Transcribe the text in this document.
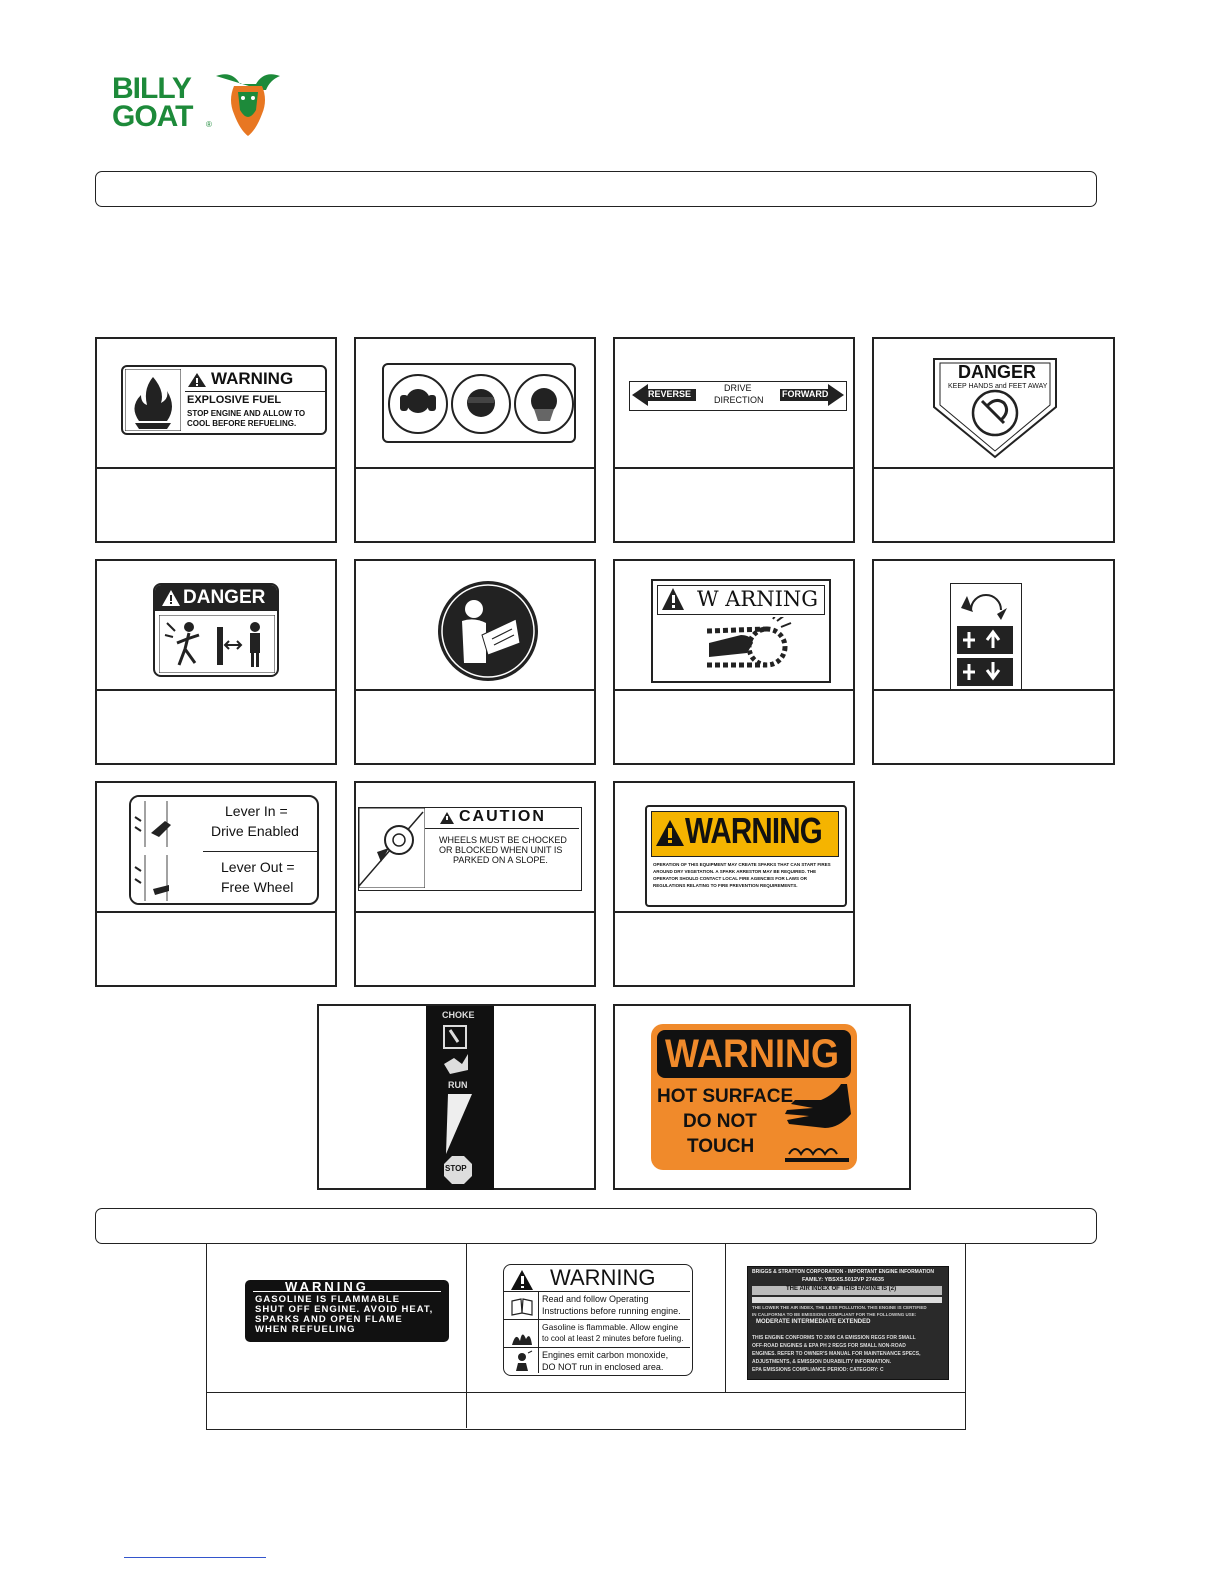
BILLY
GOAT ®
WARNING
EXPLOSIVE FUEL
STOP ENGINE AND ALLOW TO
COOL BEFORE REFUELING.
REVERSE
DRIVE
DIRECTION
FORWARD
DANGER
KEEP HANDS and FEET AWAY
DANGER	W ARNING
Lever In =
Drive Enabled
Lever Out =
Free Wheel
CAUTION
WHEELS MUST BE CHOCKED
OR BLOCKED WHEN UNIT IS
PARKED ON A SLOPE.
WARNING
OPERATION OF THIS EQUIPMENT MAY CREATE SPARKS THAT CAN START FIRES AROUND DRY VEGETATION. A SPARK ARRESTOR MAY BE REQUIRED. THE OPERATOR SHOULD CONTACT LOCAL FIRE AGENCIES FOR LAWS OR REGULATIONS RELATING TO FIRE PREVENTION REQUIREMENTS.
CHOKE
RUN
STOP
WARNING
HOT SURFACE
DO NOT
TOUCH
WARNING
GASOLINE IS FLAMMABLE
SHUT OFF ENGINE. AVOID HEAT,
SPARKS AND OPEN FLAME
WHEN REFUELING
WARNING
Read and follow Operating
Instructions before running engine.
Gasoline is flammable. Allow engine
to cool at least 2 minutes before fueling.
Engines emit carbon monoxide,
DO NOT run in enclosed area.
BRIGGS & STRATTON CORPORATION - IMPORTANT ENGINE INFORMATION
FAMILY: YBSXS.5012VP 274635
THE AIR INDEX OF THIS ENGINE IS (2)
THE LOWER THE AIR INDEX, THE LESS POLLUTION. THIS ENGINE IS CERTIFIED
IN CALIFORNIA TO BE EMISSIONS COMPLIANT FOR THE FOLLOWING USE:
MODERATE INTERMEDIATE EXTENDED
THIS ENGINE CONFORMS TO 2006 CA EMISSION REGS FOR SMALL
OFF-ROAD ENGINES & EPA PH 2 REGS FOR SMALL NON-ROAD
ENGINES. REFER TO OWNER'S MANUAL FOR MAINTENANCE SPECS,
ADJUSTMENTS, & EMISSION DURABILITY INFORMATION.
EPA EMISSIONS COMPLIANCE PERIOD: CATEGORY: C
